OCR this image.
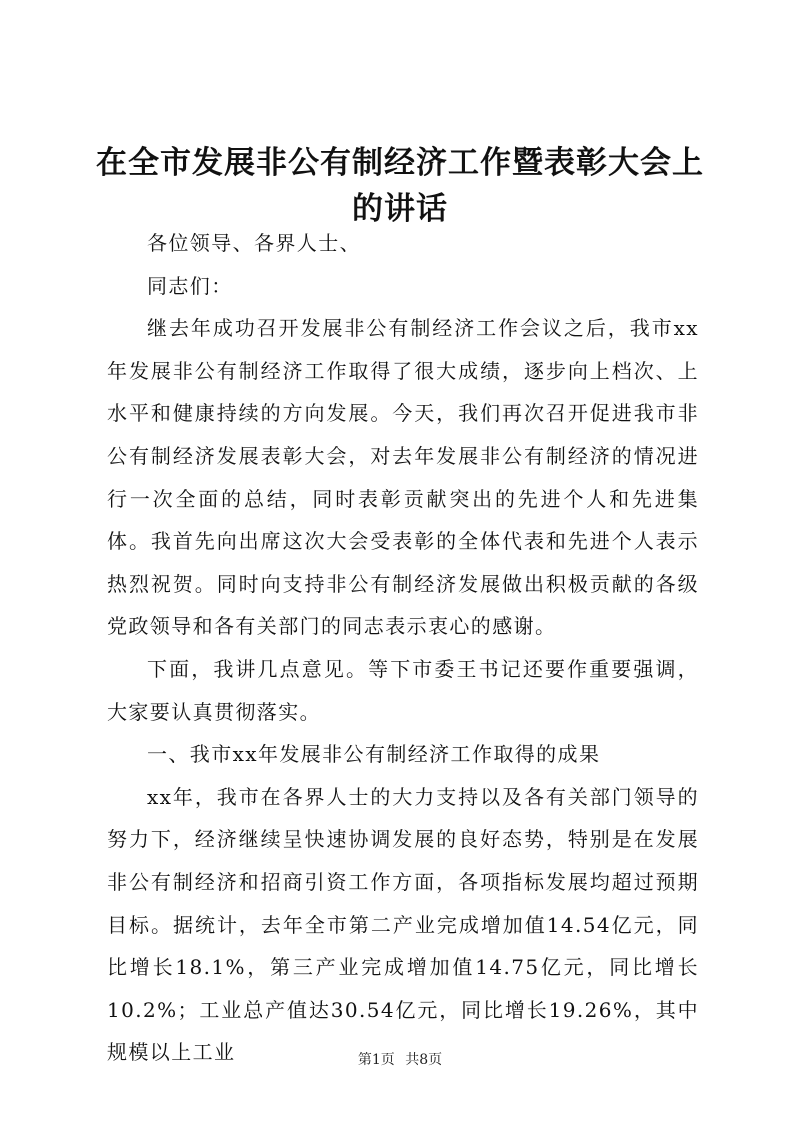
在全市发展非公有制经济工作暨表彰大会上的讲话

各位领导、各界人士、

同志们：

继去年成功召开发展非公有制经济工作会议之后，我市xx年发展非公有制经济工作取得了很大成绩，逐步向上档次、上水平和健康持续的方向发展。今天，我们再次召开促进我市非公有制经济发展表彰大会，对去年发展非公有制经济的情况进行一次全面的总结，同时表彰贡献突出的先进个人和先进集体。我首先向出席这次大会受表彰的全体代表和先进个人表示热烈祝贺。同时向支持非公有制经济发展做出积极贡献的各级党政领导和各有关部门的同志表示衷心的感谢。

下面，我讲几点意见。等下市委王书记还要作重要强调，大家要认真贯彻落实。

一、我市xx年发展非公有制经济工作取得的成果

xx年，我市在各界人士的大力支持以及各有关部门领导的努力下，经济继续呈快速协调发展的良好态势，特别是在发展非公有制经济和招商引资工作方面，各项指标发展均超过预期目标。据统计，去年全市第二产业完成增加值14.54亿元，同比增长18.1%，第三产业完成增加值14.75亿元，同比增长10.2%；工业总产值达30.54亿元，同比增长19.26%，其中规模以上工业	第1页 共8页
